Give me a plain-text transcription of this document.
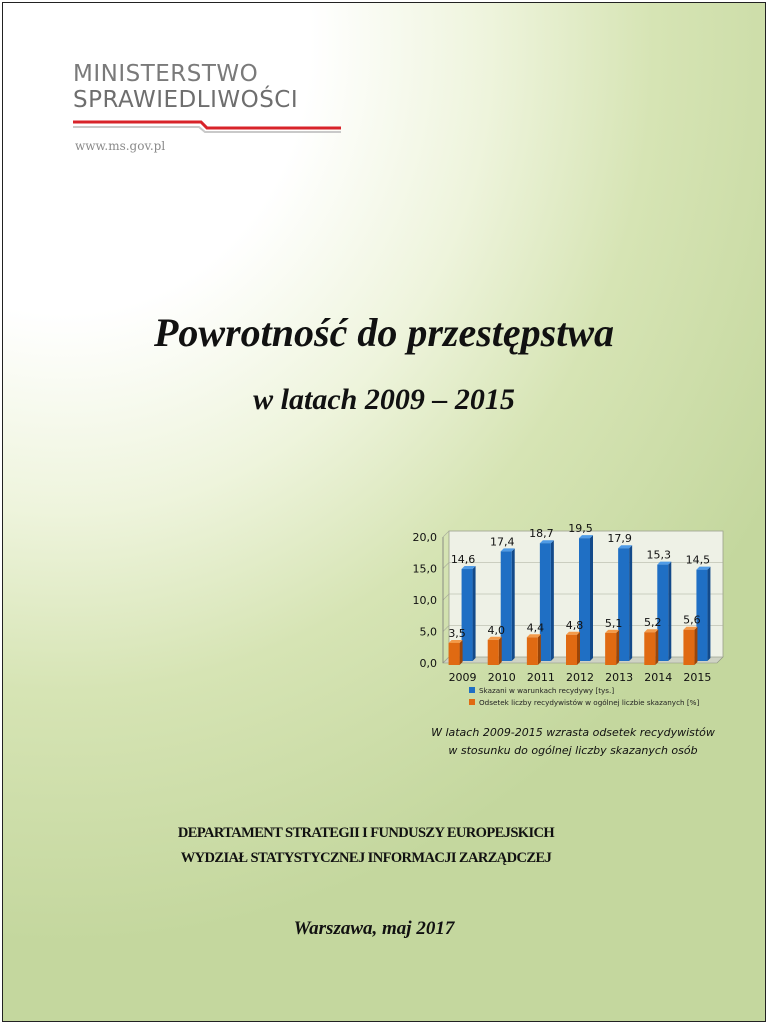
MINISTERSTWO
SPRAWIEDLIWOŚCI
www.ms.gov.pl
Powrotność do przestępstwa
w latach 2009 – 2015
0,0
5,0
10,0
15,0
20,0
14,6
3,5
2009
17,4
4,0
2010
18,7
4,4
2011
19,5
4,8
2012
17,9
5,1
2013
15,3
5,2
2014
14,5
5,6
2015
Skazani w warunkach recydywy [tys.]
Odsetek liczby recydywistów w ogólnej liczbie skazanych [%]
W latach 2009-2015 wzrasta odsetek recydywistów
w stosunku do ogólnej liczby skazanych osób
DEPARTAMENT STRATEGII I FUNDUSZY EUROPEJSKICH
WYDZIAŁ STATYSTYCZNEJ INFORMACJI ZARZĄDCZEJ
Warszawa, maj 2017
